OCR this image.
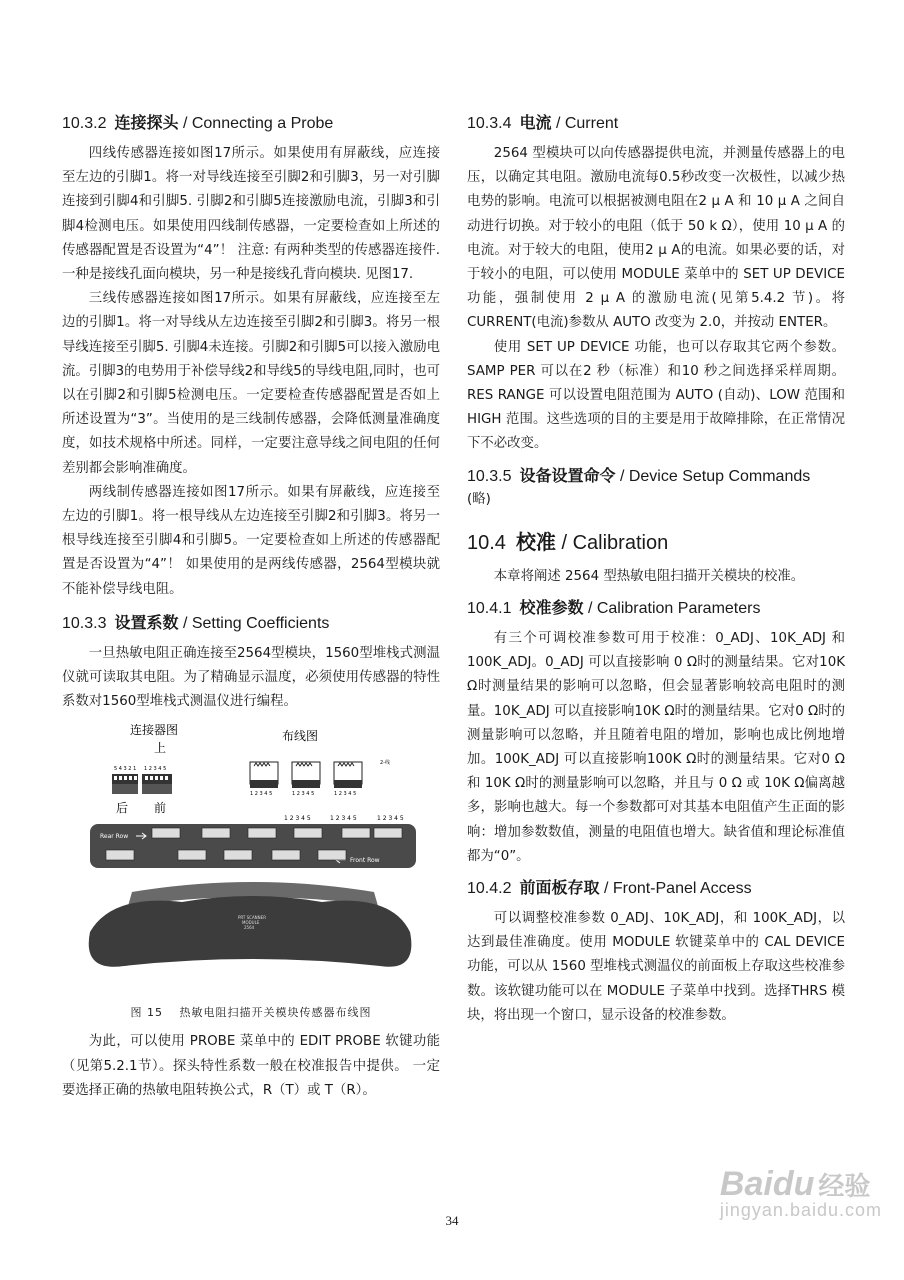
10.3.2 连接探头 / Connecting a Probe

四线传感器连接如图17所示。如果使用有屏蔽线，应连接至左边的引脚1。将一对导线连接至引脚2和引脚3，另一对引脚连接到引脚4和引脚5. 引脚2和引脚5连接激励电流，引脚3和引脚4检测电压。如果使用四线制传感器，一定要检查如上所述的传感器配置是否设置为“4”！ 注意: 有两种类型的传感器连接件. 一种是接线孔面向模块，另一种是接线孔背向模块. 见图17.

三线传感器连接如图17所示。如果有屏蔽线，应连接至左边的引脚1。将一对导线从左边连接至引脚2和引脚3。将另一根导线连接至引脚5. 引脚4未连接。引脚2和引脚5可以接入激励电流。引脚3的电势用于补偿导线2和导线5的导线电阻,同时，也可以在引脚2和引脚5检测电压。一定要检查传感器配置是否如上所述设置为“3”。当使用的是三线制传感器，会降低测量准确度度，如技术规格中所述。同样，一定要注意导线之间电阻的任何差别都会影响准确度。

两线制传感器连接如图17所示。如果有屏蔽线，应连接至左边的引脚1。将一根导线从左边连接至引脚2和引脚3。将另一根导线连接至引脚4和引脚5。一定要检查如上所述的传感器配置是否设置为“4”！ 如果使用的是两线传感器，2564型模块就不能补偿导线电阻。

10.3.3 设置系数 / Setting Coefficients

一旦热敏电阻正确连接至2564型模块，1560型堆栈式测温仪就可读取其电阻。为了精确显示温度，必须使用传感器的特性系数对1560型堆栈式测温仪进行编程。

连接器图
上
5 4 3 2 1 1 2 3 4 5
后 前
布线图
2-线
1 2 3 4 5	1 2 3 4 5	1 2 3 4 5
1 2 3 4 5	1 2 3 4 5	1 2 3 4 5
Rear Row
Front Row
PRT SCANNER
MODULE
2564
图 15　 热敏电阻扫描开关模块传感器布线图

为此，可以使用 PROBE 菜单中的 EDIT PROBE 软键功能（见第5.2.1节）。探头特性系数一般在校准报告中提供。 一定要选择正确的热敏电阻转换公式，R（T）或 T（R）。

10.3.4 电流 / Current

2564 型模块可以向传感器提供电流，并测量传感器上的电压，以确定其电阻。激励电流每0.5秒改变一次极性，以减少热电势的影响。电流可以根据被测电阻在2 μ A 和 10 μ A 之间自动进行切换。对于较小的电阻（低于 50 k Ω），使用 10 μ A 的电流。对于较大的电阻，使用2 μ A的电流。如果必要的话，对于较小的电阻，可以使用 MODULE 菜单中的 SET UP DEVICE 功能，强制使用 2 μ A 的激励电流(见第5.4.2 节)。将 CURRENT(电流)参数从 AUTO 改变为 2.0，并按动 ENTER。

使用 SET UP DEVICE 功能，也可以存取其它两个参数。SAMP PER 可以在2 秒（标准）和10 秒之间选择采样周期。 RES RANGE 可以设置电阻范围为 AUTO (自动)、LOW 范围和HIGH 范围。这些选项的目的主要是用于故障排除，在正常情况下不必改变。

10.3.5 设备设置命令 / Device Setup Commands

(略)

10.4 校准 / Calibration

本章将阐述 2564 型热敏电阻扫描开关模块的校准。

10.4.1 校准参数 / Calibration Parameters

有三个可调校准参数可用于校准：0_ADJ、10K_ADJ 和 100K_ADJ。0_ADJ 可以直接影响 0 Ω时的测量结果。它对10K Ω时测量结果的影响可以忽略，但会显著影响较高电阻时的测量。10K_ADJ 可以直接影响10K Ω时的测量结果。它对0 Ω时的测量影响可以忽略，并且随着电阻的增加，影响也成比例地增加。100K_ADJ 可以直接影响100K Ω时的测量结果。它对0 Ω 和 10K Ω时的测量影响可以忽略，并且与 0 Ω 或 10K Ω偏离越多，影响也越大。每一个参数都可对其基本电阻值产生正面的影响：增加参数数值，测量的电阻值也增大。缺省值和理论标准值都为“0”。

10.4.2 前面板存取 / Front-Panel Access

可以调整校准参数 0_ADJ、10K_ADJ，和 100K_ADJ，以达到最佳准确度。使用 MODULE 软键菜单中的 CAL DEVICE 功能，可以从 1560 型堆栈式测温仪的前面板上存取这些校准参数。该软键功能可以在 MODULE 子菜单中找到。选择THRS 模块，将出现一个窗口，显示设备的校准参数。

34
Baidu 经验
jingyan.baidu.com
